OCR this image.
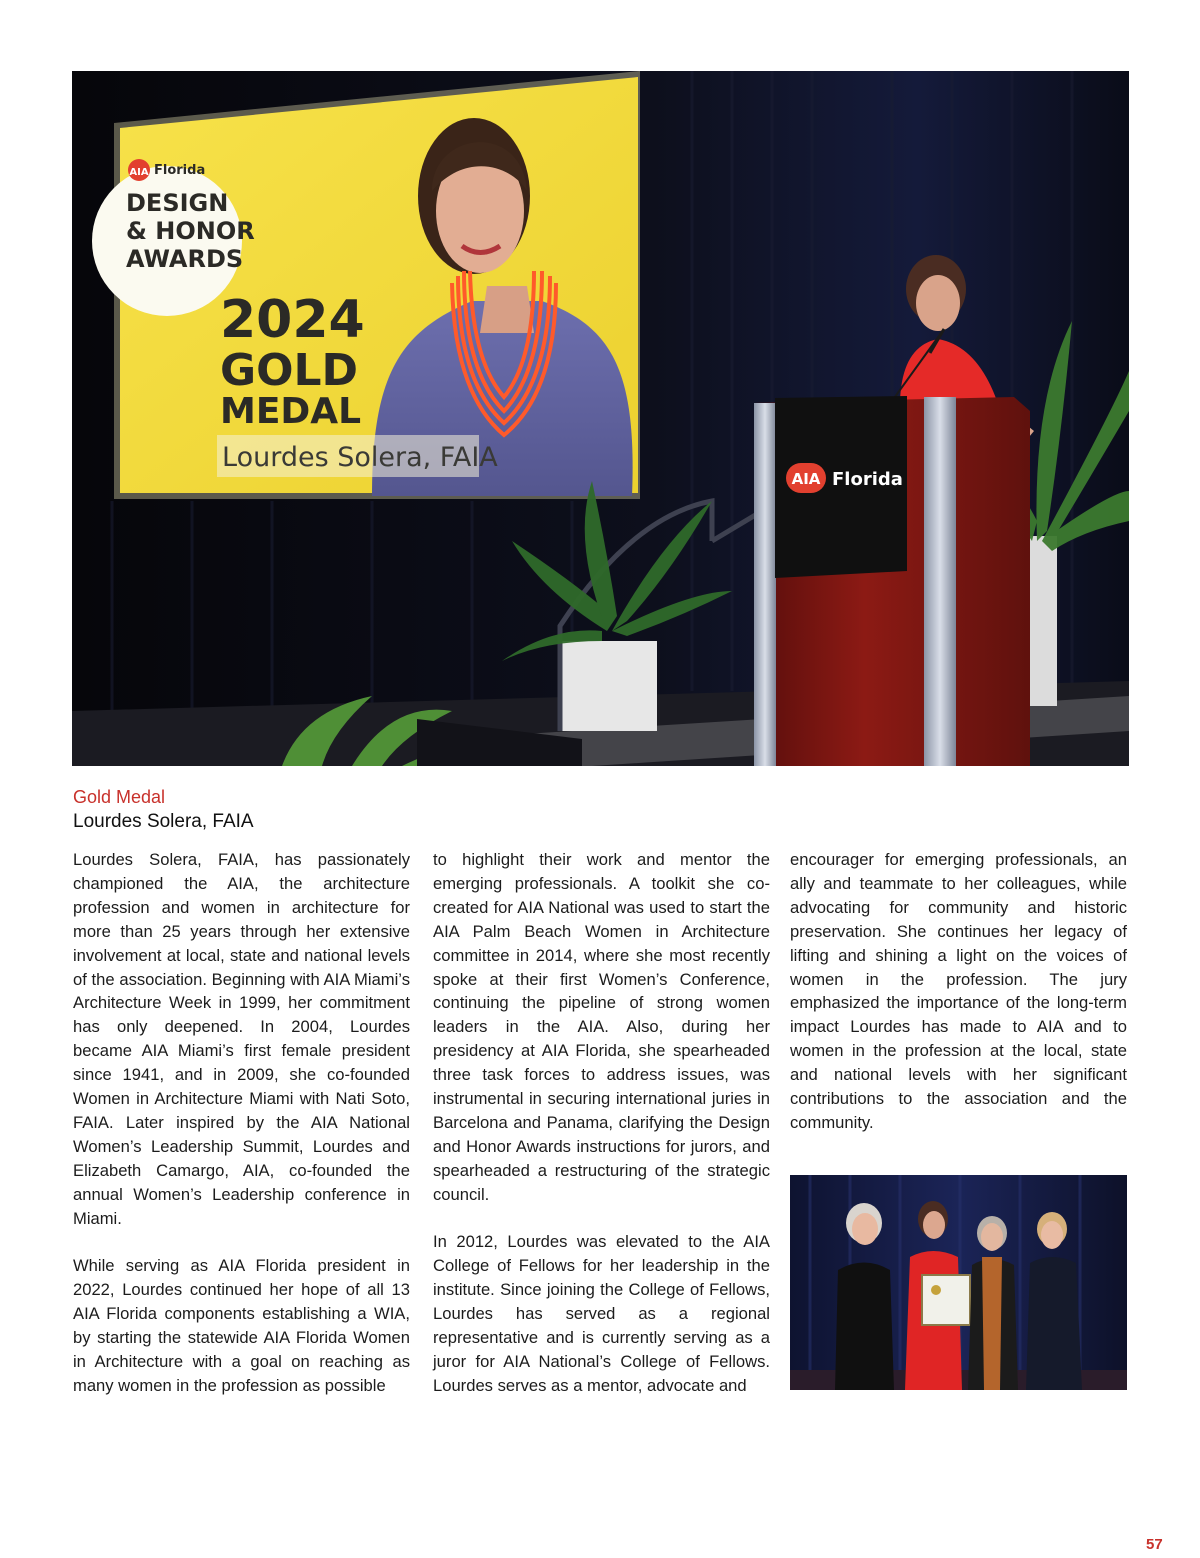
AIA Florida
DESIGN
& HONOR
AWARDS
2024
GOLD
MEDAL
Lourdes Solera, FAIA
AIA Florida
Gold Medal
Lourdes Solera, FAIA

Lourdes Solera, FAIA, has passionately championed the AIA, the architecture profession and women in architecture for more than 25 years through her extensive involvement at local, state and national levels of the association. Beginning with AIA Miami’s Architecture Week in 1999, her commitment has only deepened. In 2004, Lourdes became AIA Miami’s first female president since 1941, and in 2009, she co-founded Women in Architecture Miami with Nati Soto, FAIA. Later inspired by the AIA National Women’s Leadership Summit, Lourdes and Elizabeth Camargo, AIA, co-founded the annual Women’s Leadership conference in Miami.

While serving as AIA Florida president in 2022, Lourdes continued her hope of all 13 AIA Florida components establishing a WIA, by starting the statewide AIA Florida Women in Architecture with a goal on reaching as many women in the profession as possible

to highlight their work and mentor the emerging professionals. A toolkit she co-created for AIA National was used to start the AIA Palm Beach Women in Architecture committee in 2014, where she most recently spoke at their first Women’s Conference, continuing the pipeline of strong women leaders in the AIA. Also, during her presidency at AIA Florida, she spearheaded three task forces to address issues, was instrumental in securing international juries in Barcelona and Panama, clarifying the Design and Honor Awards instructions for jurors, and spearheaded a restructuring of the strategic council.

In 2012, Lourdes was elevated to the AIA College of Fellows for her leadership in the institute. Since joining the College of Fellows, Lourdes has served as a regional representative and is currently serving as a juror for AIA National’s College of Fellows. Lourdes serves as a mentor, advocate and

encourager for emerging professionals, an ally and teammate to her colleagues, while advocating for community and historic preservation. She continues her legacy of lifting and shining a light on the voices of women in the profession. The jury emphasized the importance of the long-term impact Lourdes has made to AIA and to women in the profession at the local, state and national levels with her significant contributions to the association and the community.

57
